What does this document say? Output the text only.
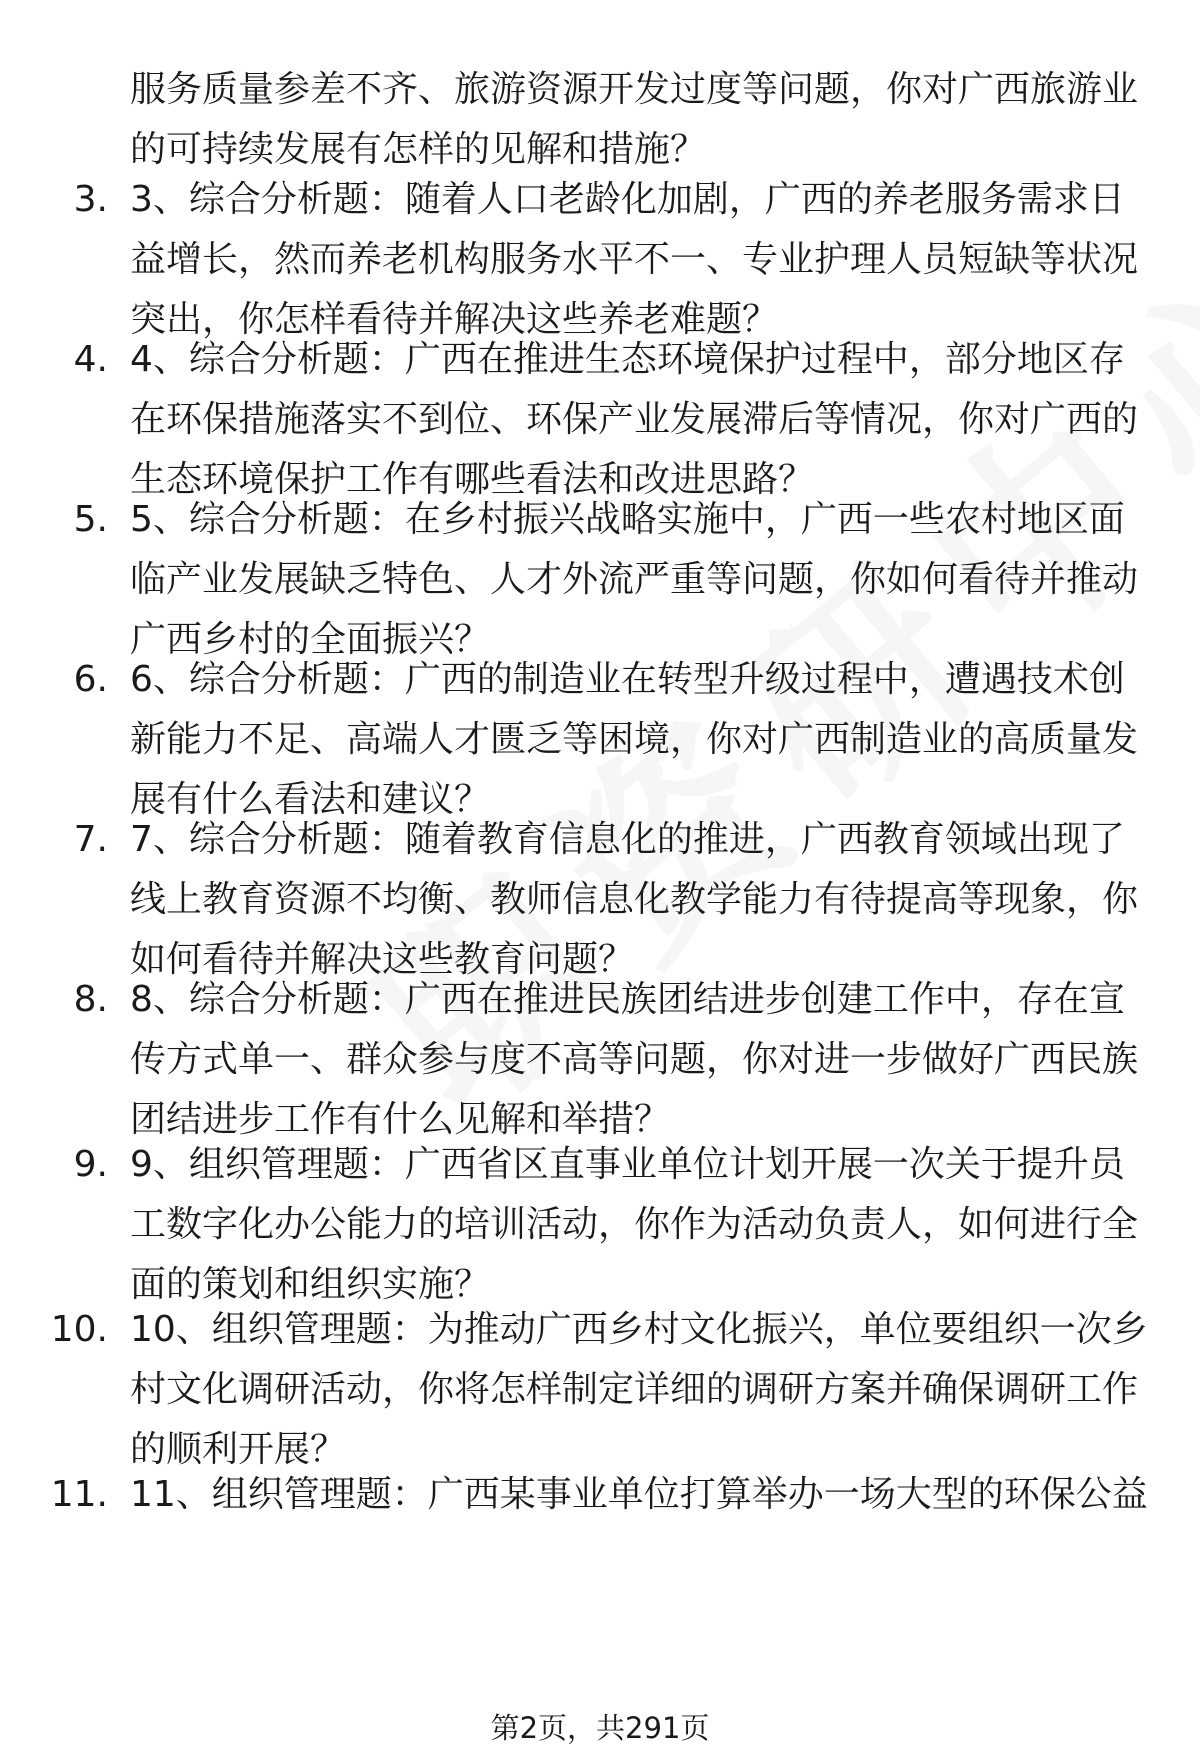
服务质量参差不齐、旅游资源开发过度等问题，你对广西旅游业的可持续发展有怎样的见解和措施？
3. 3、综合分析题：随着人口老龄化加剧，广西的养老服务需求日益增长，然而养老机构服务水平不一、专业护理人员短缺等状况突出，你怎样看待并解决这些养老难题？
4. 4、综合分析题：广西在推进生态环境保护过程中，部分地区存在环保措施落实不到位、环保产业发展滞后等情况，你对广西的生态环境保护工作有哪些看法和改进思路？
5. 5、综合分析题：在乡村振兴战略实施中，广西一些农村地区面临产业发展缺乏特色、人才外流严重等问题，你如何看待并推动广西乡村的全面振兴？
6. 6、综合分析题：广西的制造业在转型升级过程中，遭遇技术创新能力不足、高端人才匮乏等困境，你对广西制造业的高质量发展有什么看法和建议？
7. 7、综合分析题：随着教育信息化的推进，广西教育领域出现了线上教育资源不均衡、教师信息化教学能力有待提高等现象，你如何看待并解决这些教育问题？
8. 8、综合分析题：广西在推进民族团结进步创建工作中，存在宣传方式单一、群众参与度不高等问题，你对进一步做好广西民族团结进步工作有什么见解和举措？
9. 9、组织管理题：广西省区直事业单位计划开展一次关于提升员工数字化办公能力的培训活动，你作为活动负责人，如何进行全面的策划和组织实施？
10. 10、组织管理题：为推动广西乡村文化振兴，单位要组织一次乡村文化调研活动，你将怎样制定详细的调研方案并确保调研工作的顺利开展？
11. 11、组织管理题：广西某事业单位打算举办一场大型的环保公益
第2页，共291页
